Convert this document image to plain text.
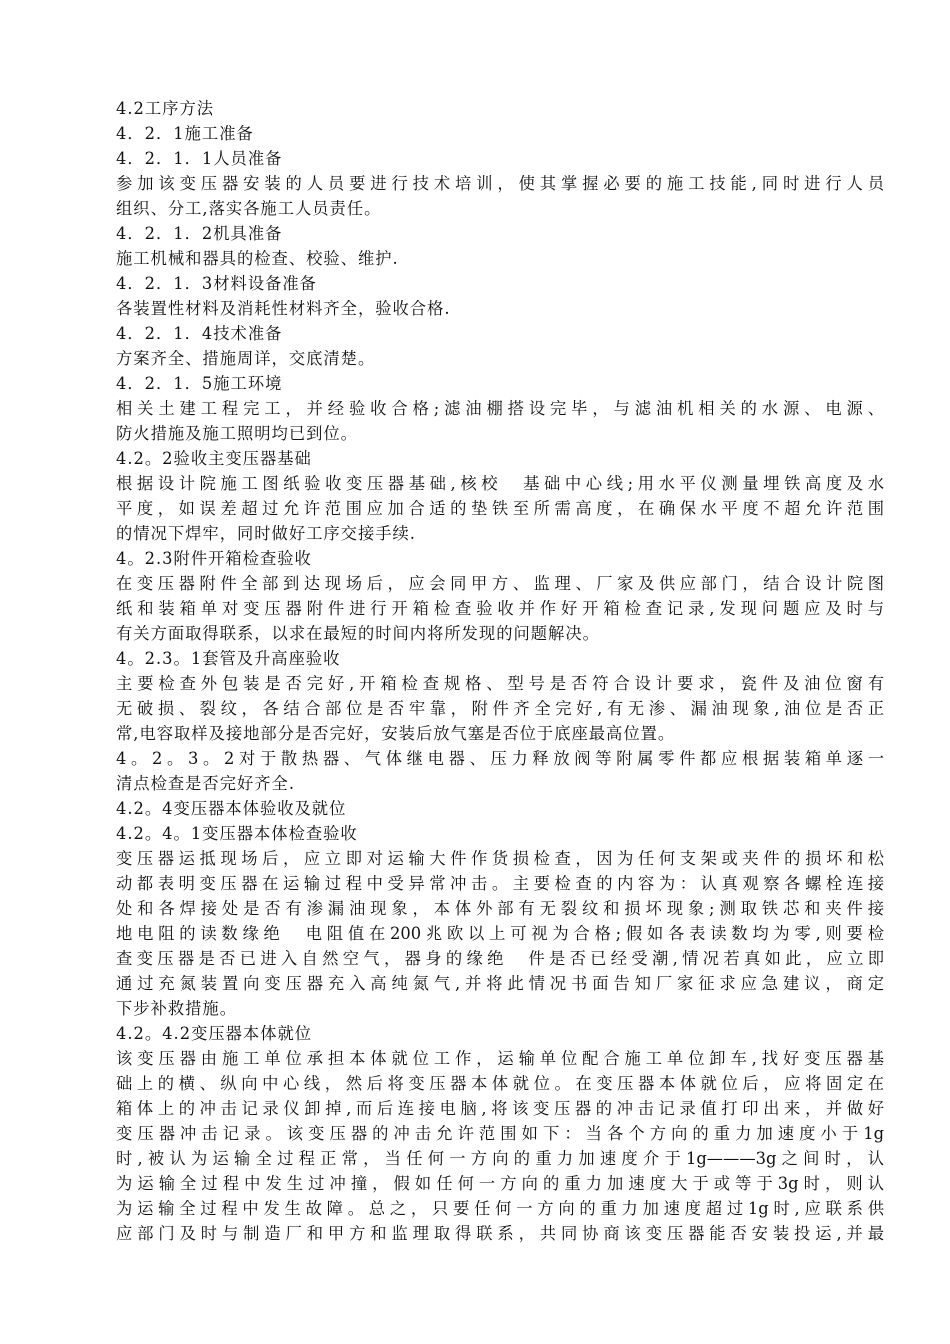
4.2工序方法
4．2．1施工准备
4．2．1．1人员准备
参加该变压器安装的人员要进行技术培训，使其掌握必要的施工技能,同时进行人员
组织、分工,落实各施工人员责任。
4．2．1．2机具准备
施工机械和器具的检查、校验、维护.
4．2．1．3材料设备准备
各装置性材料及消耗性材料齐全，验收合格.
4．2．1．4技术准备
方案齐全、措施周详，交底清楚。
4．2．1．5施工环境
相关土建工程完工，并经验收合格;滤油棚搭设完毕，与滤油机相关的水源、电源、
防火措施及施工照明均已到位。
4.2。2验收主变压器基础
根据设计院施工图纸验收变压器基础,核校　基础中心线;用水平仪测量埋铁高度及水
平度，如误差超过允许范围应加合适的垫铁至所需高度，在确保水平度不超允许范围
的情况下焊牢，同时做好工序交接手续.
4。2.3附件开箱检查验收
在变压器附件全部到达现场后，应会同甲方、监理、厂家及供应部门，结合设计院图
纸和装箱单对变压器附件进行开箱检查验收并作好开箱检查记录,发现问题应及时与
有关方面取得联系，以求在最短的时间内将所发现的问题解决。
4。2.3。1套管及升高座验收
主要检查外包装是否完好,开箱检查规格、型号是否符合设计要求，瓷件及油位窗有
无破损、裂纹，各结合部位是否牢靠，附件齐全完好,有无渗、漏油现象,油位是否正
常,电容取样及接地部分是否完好，安装后放气塞是否位于底座最高位置。
4。2。3。2对于散热器、气体继电器、压力释放阀等附属零件都应根据装箱单逐一
清点检查是否完好齐全.
4.2。4变压器本体验收及就位
4.2。4。1变压器本体检查验收
变压器运抵现场后，应立即对运输大件作货损检查，因为任何支架或夹件的损坏和松
动都表明变压器在运输过程中受异常冲击。主要检查的内容为：认真观察各螺栓连接
处和各焊接处是否有渗漏油现象，本体外部有无裂纹和损坏现象;测取铁芯和夹件接
地电阻的读数缘绝　电阻值在200兆欧以上可视为合格;假如各表读数均为零,则要检
查变压器是否已进入自然空气，器身的缘绝　件是否已经受潮,情况若真如此，应立即
通过充氮装置向变压器充入高纯氮气,并将此情况书面告知厂家征求应急建议，商定
下步补救措施。
4.2。4.2变压器本体就位
该变压器由施工单位承担本体就位工作，运输单位配合施工单位卸车,找好变压器基
础上的横、纵向中心线，然后将变压器本体就位。在变压器本体就位后，应将固定在
箱体上的冲击记录仪卸掉,而后连接电脑,将该变压器的冲击记录值打印出来，并做好
变压器冲击记录。该变压器的冲击允许范围如下：当各个方向的重力加速度小于1g
时,被认为运输全过程正常，当任何一方向的重力加速度介于1g———3g之间时，认
为运输全过程中发生过冲撞，假如任何一方向的重力加速度大于或等于3g时，则认
为运输全过程中发生故障。总之，只要任何一方向的重力加速度超过1g时,应联系供
应部门及时与制造厂和甲方和监理取得联系，共同协商该变压器能否安装投运,并最
